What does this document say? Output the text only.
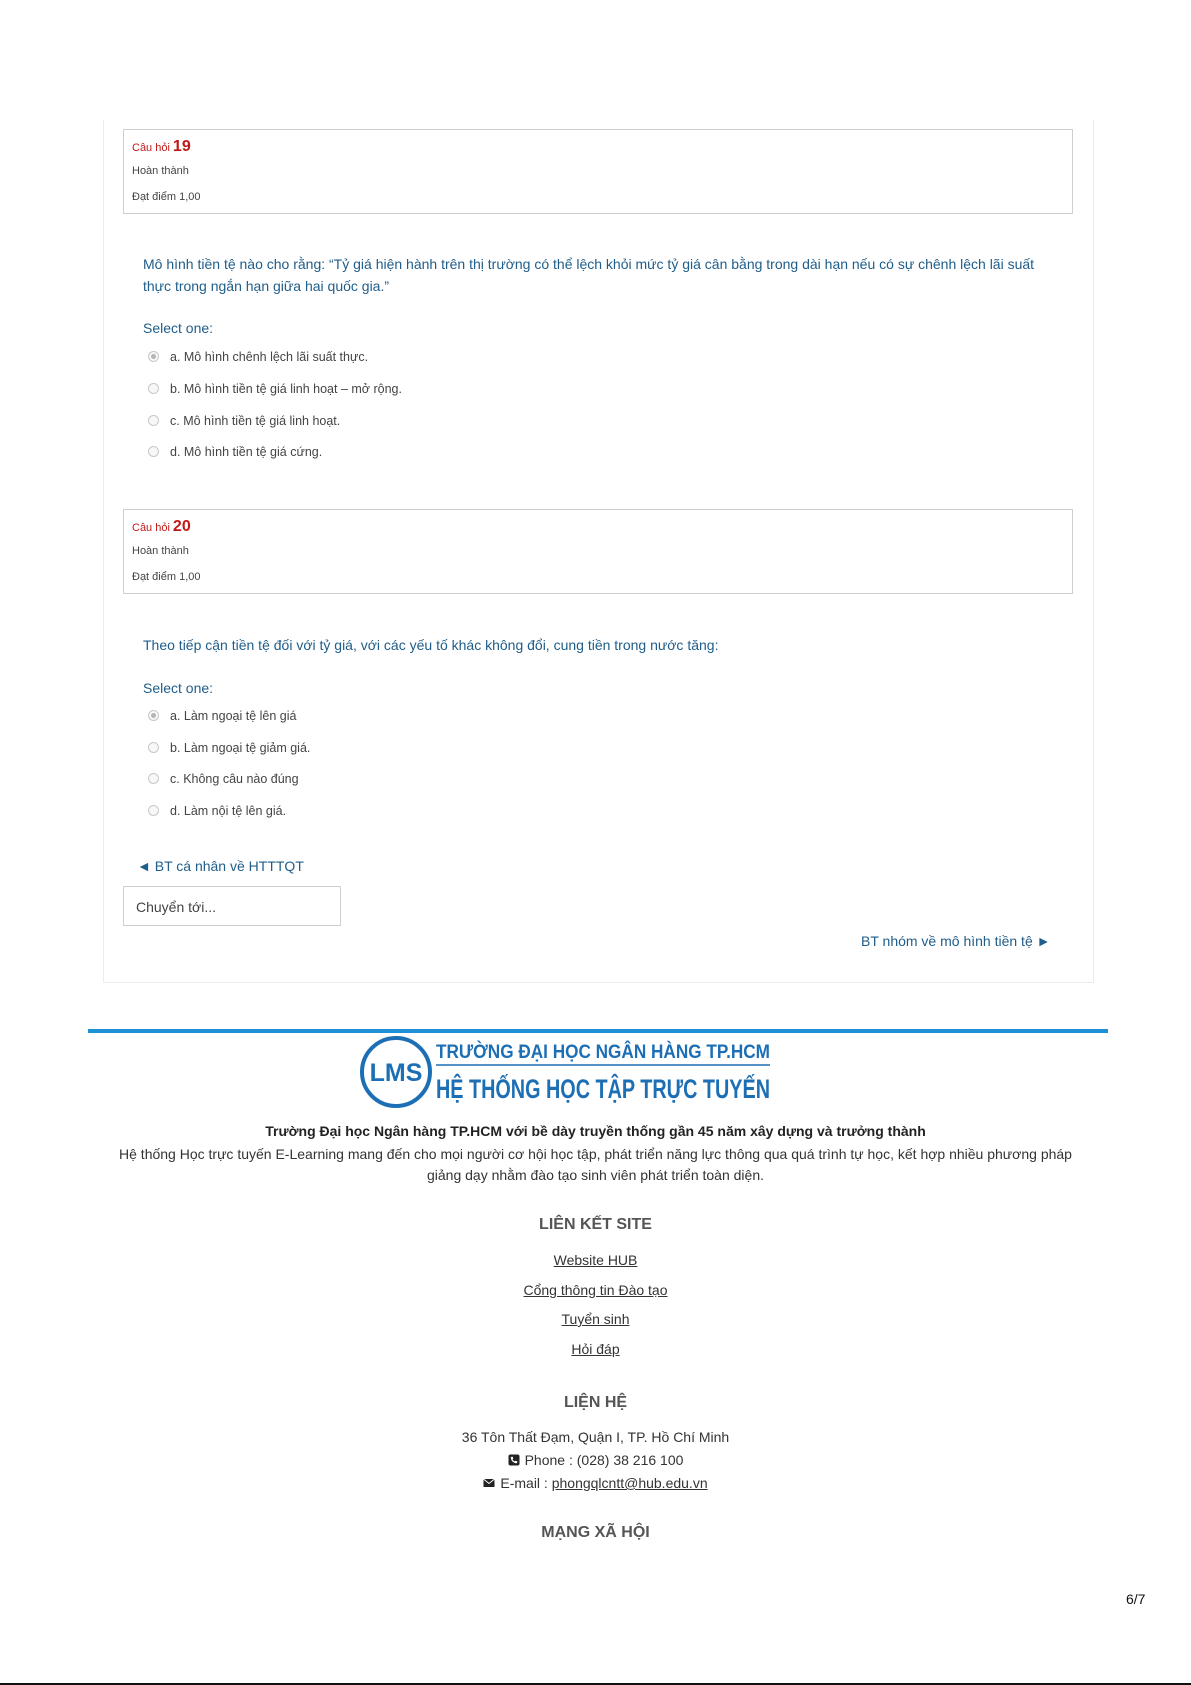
Câu hỏi 19
Hoàn thành
Đạt điểm 1,00
Mô hình tiền tệ nào cho rằng: “Tỷ giá hiện hành trên thị trường có thể lệch khỏi mức tỷ giá cân bằng trong dài hạn nếu có sự chênh lệch lãi suất thực trong ngắn hạn giữa hai quốc gia.”
Select one:
a. Mô hình chênh lệch lãi suất thực.
b. Mô hình tiền tệ giá linh hoạt – mở rộng.
c. Mô hình tiền tệ giá linh hoạt.
d. Mô hình tiền tệ giá cứng.
Câu hỏi 20
Hoàn thành
Đạt điểm 1,00
Theo tiếp cận tiền tệ đối với tỷ giá, với các yếu tố khác không đổi, cung tiền trong nước tăng:
Select one:
a. Làm ngoại tệ lên giá
b. Làm ngoại tệ giảm giá.
c. Không câu nào đúng
d. Làm nội tệ lên giá.
◄ BT cá nhân về HTTTQT
Chuyển tới...
BT nhóm về mô hình tiền tệ ►
LMS
TRƯỜNG ĐẠI HỌC NGÂN HÀNG TP.HCM
HỆ THỐNG HỌC TẬP TRỰC TUYẾN
Trường Đại học Ngân hàng TP.HCM với bề dày truyền thống gần 45 năm xây dựng và trưởng thành
Hệ thống Học trực tuyến E-Learning mang đến cho mọi người cơ hội học tập, phát triển năng lực thông qua quá trình tự học, kết hợp nhiều phương pháp giảng dạy nhằm đào tạo sinh viên phát triển toàn diện.
LIÊN KẾT SITE
Website HUB
Cổng thông tin Đào tạo
Tuyển sinh
Hỏi đáp
LIỆN HỆ
36 Tôn Thất Đạm, Quận I, TP. Hồ Chí Minh
Phone : (028) 38 216 100
E-mail : phongqlcntt@hub.edu.vn
MẠNG XÃ HỘI
6/7
